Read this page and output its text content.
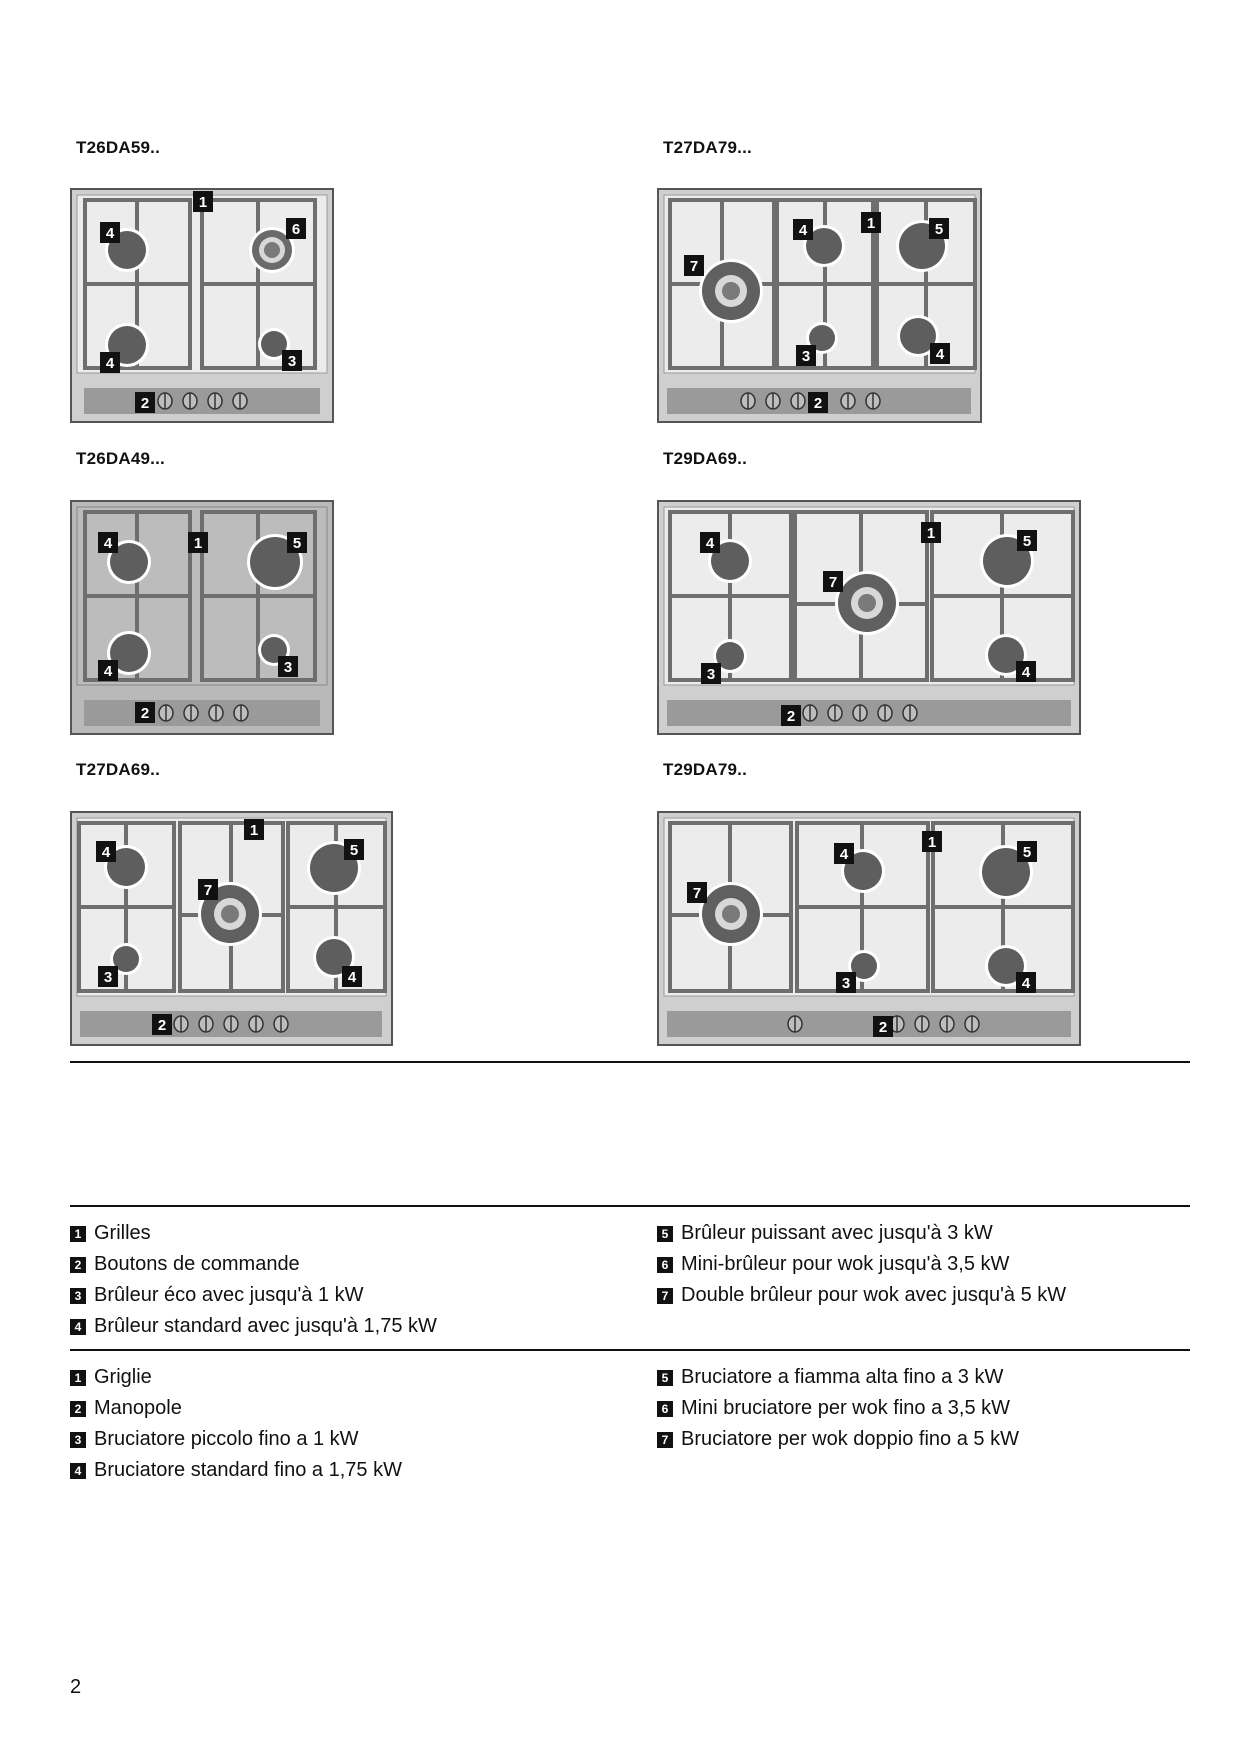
T26DA59..	T27DA79...
T26DA49...	T29DA69..
T27DA69..	T29DA79..
1
4	6
4	3
2
7
4	1	5
3	4
2
4	1	5
4	3
2
4
1	5
7
3	4
2
4
1
5
7
3	4
2
7
4
1
5
3	4
2
1 Grilles
2 Boutons de commande
3 Brûleur éco avec jusqu'à 1 kW
4 Brûleur standard avec jusqu'à 1,75 kW
5 Brûleur puissant avec jusqu'à 3 kW
6 Mini-brûleur pour wok jusqu'à 3,5 kW
7 Double brûleur pour wok avec jusqu'à 5 kW
1 Griglie
2 Manopole
3 Bruciatore piccolo fino a 1 kW
4 Bruciatore standard fino a 1,75 kW
5 Bruciatore a fiamma alta fino a 3 kW
6 Mini bruciatore per wok fino a 3,5 kW
7 Bruciatore per wok doppio fino a 5 kW
2
